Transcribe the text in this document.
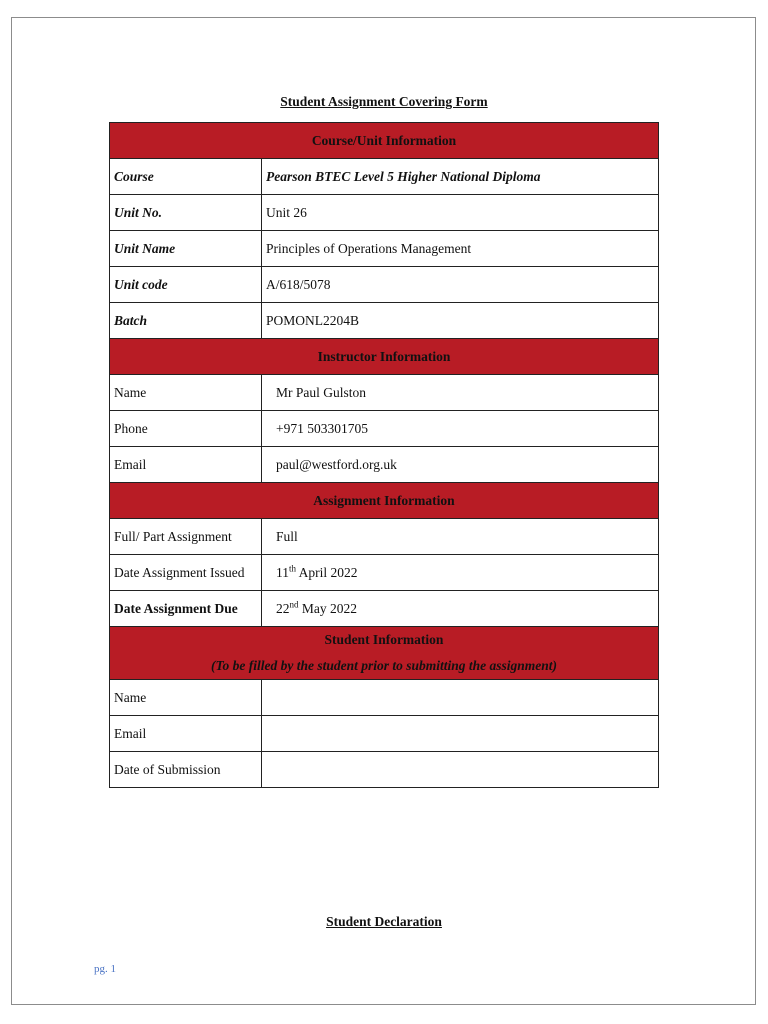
Student Assignment Covering Form
Course/Unit Information	
Course	Pearson BTEC Level 5 Higher National Diploma
Unit No.	Unit 26
Unit Name	Principles of Operations Management
Unit code	A/618/5078
Batch	POMONL2204B
Instructor Information	
Name	Mr Paul Gulston
Phone	+971 503301705
Email	paul@westford.org.uk
Assignment Information	
Full/ Part Assignment	Full
Date Assignment Issued	11th April 2022
Date Assignment Due	22nd May 2022

Student Information
(To be filled by the student prior to submitting the assignment)	

Name	
Email	
Date of Submission	
Student Declaration
pg. 1
